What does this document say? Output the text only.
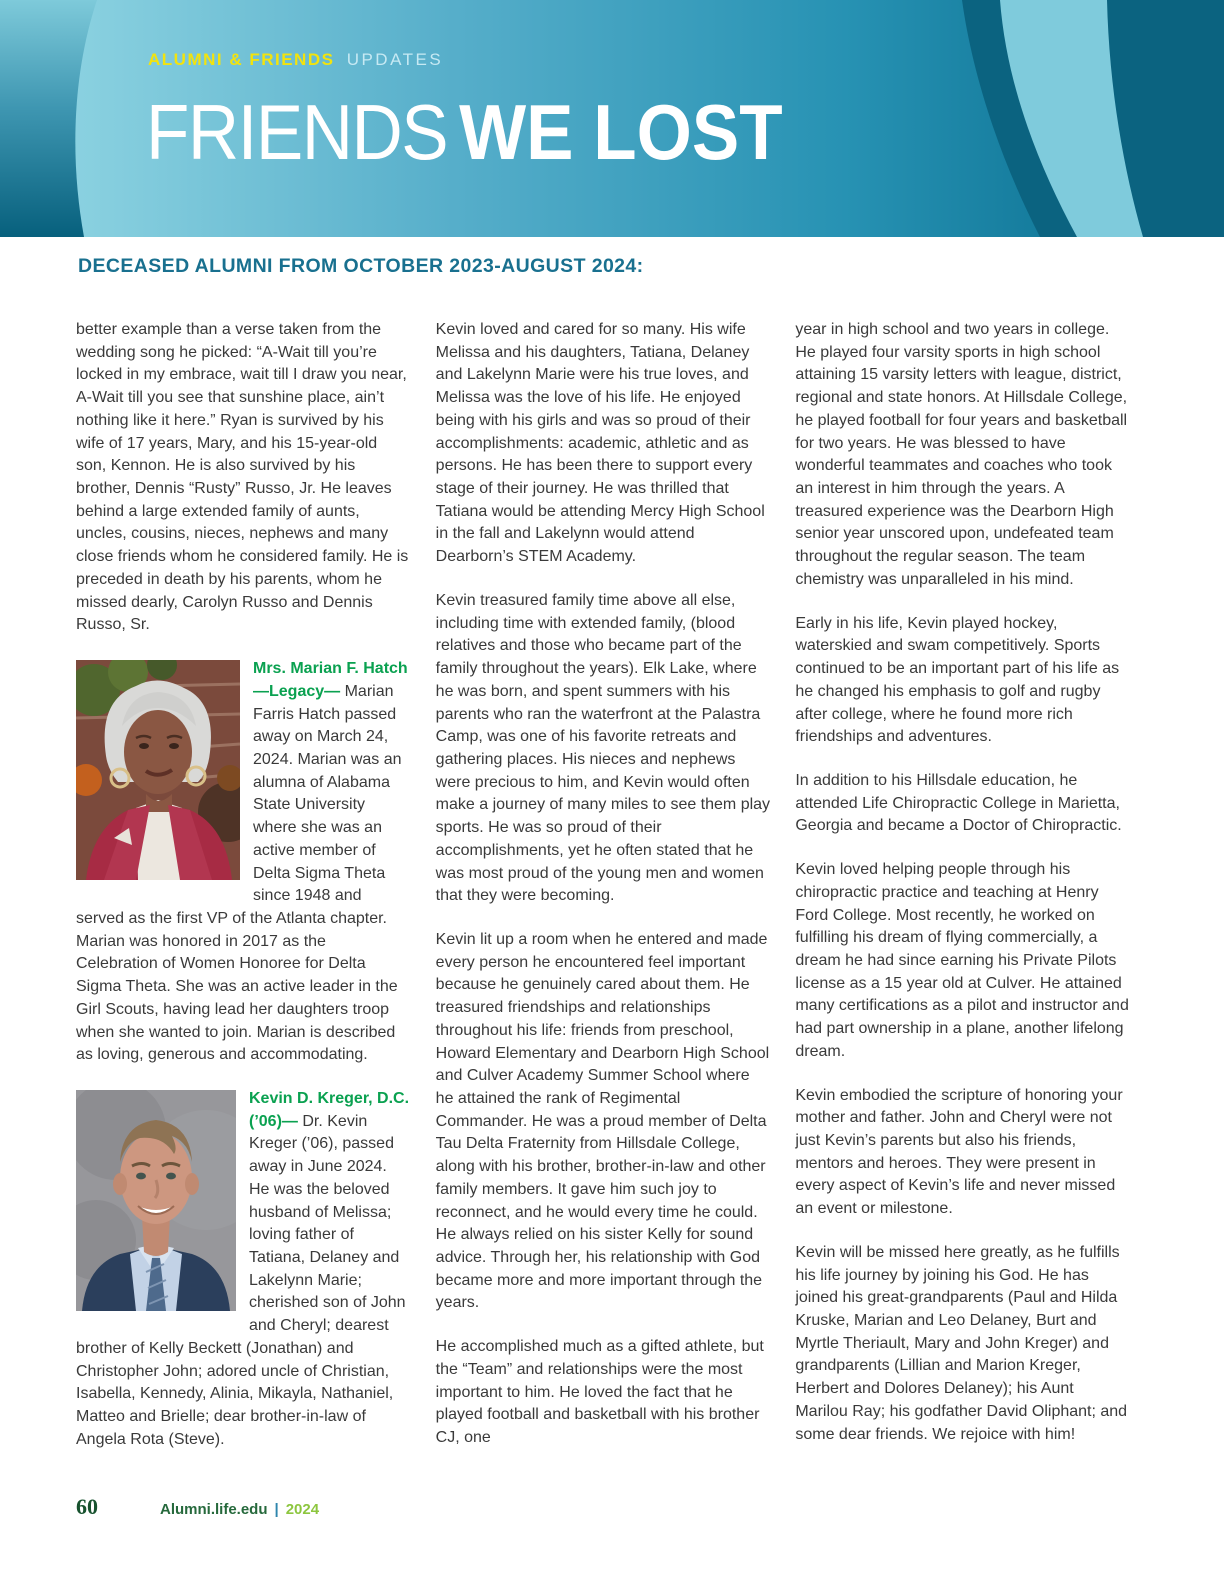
ALUMNI & FRIENDS UPDATES
FRIENDS WE LOST
DECEASED ALUMNI FROM OCTOBER 2023-AUGUST 2024:

better example than a verse taken from the wedding song he picked: “A-Wait till you’re locked in my embrace, wait till I draw you near, A-Wait till you see that sunshine place, ain’t nothing like it here.” Ryan is survived by his wife of 17 years, Mary, and his 15-year-old son, Kennon. He is also survived by his brother, Dennis “Rusty” Russo, Jr. He leaves behind a large extended family of aunts, uncles, cousins, nieces, nephews and many close friends whom he considered family. He is preceded in death by his parents, whom he missed dearly, Carolyn Russo and Dennis Russo, Sr.

Mrs. Marian F. Hatch—Legacy— Marian Farris Hatch passed away on March 24, 2024. Marian was an alumna of Alabama State University where she was an active member of Delta Sigma Theta since 1948 and served as the first VP of the Atlanta chapter. Marian was honored in 2017 as the Celebration of Women Honoree for Delta Sigma Theta. She was an active leader in the Girl Scouts, having lead her daughters troop when she wanted to join. Marian is described as loving, generous and accommodating.

Kevin D. Kreger, D.C. (’06)— Dr. Kevin Kreger (’06), passed away in June 2024. He was the beloved husband of Melissa; loving father of Tatiana, Delaney and Lakelynn Marie; cherished son of John and Cheryl; dearest brother of Kelly Beckett (Jonathan) and Christopher John; adored uncle of Christian, Isabella, Kennedy, Alinia, Mikayla, Nathaniel, Matteo and Brielle; dear brother-in-law of Angela Rota (Steve).

Kevin loved and cared for so many. His wife Melissa and his daughters, Tatiana, Delaney and Lakelynn Marie were his true loves, and Melissa was the love of his life. He enjoyed being with his girls and was so proud of their accomplishments: academic, athletic and as persons. He has been there to support every stage of their journey. He was thrilled that Tatiana would be attending Mercy High School in the fall and Lakelynn would attend Dearborn’s STEM Academy.

Kevin treasured family time above all else, including time with extended family, (blood relatives and those who became part of the family throughout the years). Elk Lake, where he was born, and spent summers with his parents who ran the waterfront at the Palastra Camp, was one of his favorite retreats and gathering places. His nieces and nephews were precious to him, and Kevin would often make a journey of many miles to see them play sports. He was so proud of their accomplishments, yet he often stated that he was most proud of the young men and women that they were becoming.

Kevin lit up a room when he entered and made every person he encountered feel important because he genuinely cared about them. He treasured friendships and relationships throughout his life: friends from preschool, Howard Elementary and Dearborn High School and Culver Academy Summer School where he attained the rank of Regimental Commander. He was a proud member of Delta Tau Delta Fraternity from Hillsdale College, along with his brother, brother-in-law and other family members. It gave him such joy to reconnect, and he would every time he could. He always relied on his sister Kelly for sound advice. Through her, his relationship with God became more and more important through the years.

He accomplished much as a gifted athlete, but the “Team” and relationships were the most important to him. He loved the fact that he played football and basketball with his brother CJ, one

year in high school and two years in college. He played four varsity sports in high school attaining 15 varsity letters with league, district, regional and state honors. At Hillsdale College, he played football for four years and basketball for two years. He was blessed to have wonderful teammates and coaches who took an interest in him through the years. A treasured experience was the Dearborn High senior year unscored upon, undefeated team throughout the regular season. The team chemistry was unparalleled in his mind.

Early in his life, Kevin played hockey, waterskied and swam competitively. Sports continued to be an important part of his life as he changed his emphasis to golf and rugby after college, where he found more rich friendships and adventures.

In addition to his Hillsdale education, he attended Life Chiropractic College in Marietta, Georgia and became a Doctor of Chiropractic.

Kevin loved helping people through his chiropractic practice and teaching at Henry Ford College. Most recently, he worked on fulfilling his dream of flying commercially, a dream he had since earning his Private Pilots license as a 15 year old at Culver. He attained many certifications as a pilot and instructor and had part ownership in a plane, another lifelong dream.

Kevin embodied the scripture of honoring your mother and father. John and Cheryl were not just Kevin’s parents but also his friends, mentors and heroes. They were present in every aspect of Kevin’s life and never missed an event or milestone.

Kevin will be missed here greatly, as he fulfills his life journey by joining his God. He has joined his great-grandparents (Paul and Hilda Kruske, Marian and Leo Delaney, Burt and Myrtle Theriault, Mary and John Kreger) and grandparents (Lillian and Marion Kreger, Herbert and Dolores Delaney); his Aunt Marilou Ray; his godfather David Oliphant; and some dear friends. We rejoice with him!

60	Alumni.life.edu | 2024
